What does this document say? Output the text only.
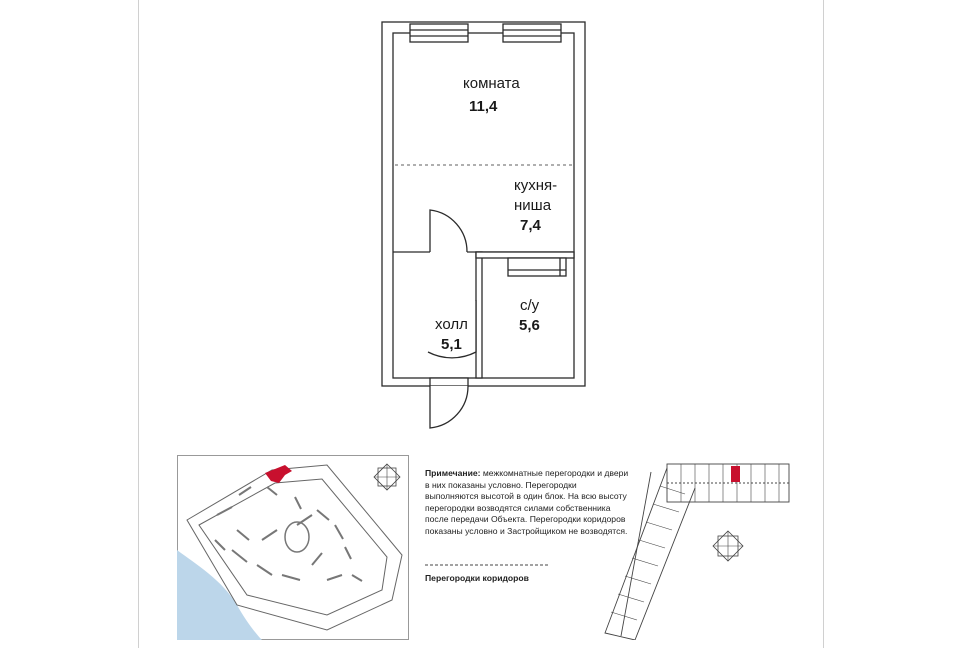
комната
11,4
кухня-
ниша
7,4
с/у
5,6
холл
5,1
Примечание: межкомнатные перегородки и двери в них показаны условно. Перегородки выполняются высотой в один блок. На всю высоту перегородки возводятся силами собственника после передачи Объекта. Перегородки коридоров показаны условно и Застройщиком не возводятся.
Перегородки коридоров
